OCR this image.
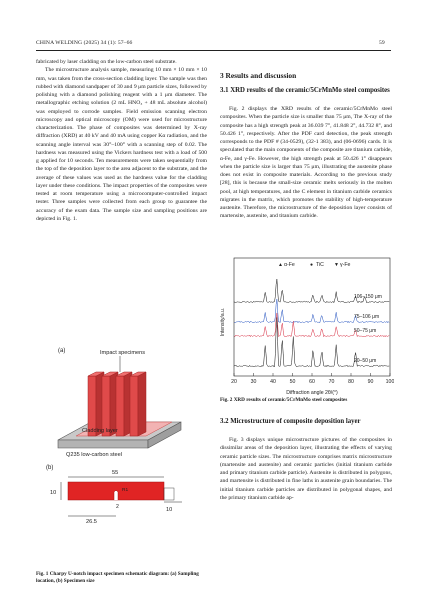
CHINA WELDING (2025) 34 (1): 57–66	59

fabricated by laser cladding on the low-carbon steel substrate.

The microstructure analysis sample, measuring 10 mm × 10 mm × 10 mm, was taken from the cross-section cladding layer. The sample was then rubbed with diamond sandpaper of 30 and 9 μm particle sizes, followed by polishing with a diamond polishing reagent with a 1 μm diameter. The metallographic etching solution (2 mL HNO₃ + 48 mL absolute alcohol) was employed to corrode samples. Field emission scanning electron microscopy and optical microscopy (OM) were used for microstructure characterization. The phase of composites was determined by X-ray diffraction (XRD) at 40 kV and 40 mA using copper Kα radiation, and the scanning angle interval was 30°–100° with a scanning step of 0.02. The hardness was measured using the Vickers hardness test with a load of 500 g applied for 10 seconds. Ten measurements were taken sequentially from the top of the deposition layer to the area adjacent to the substrate, and the average of these values was used as the hardness value for the cladding layer under these conditions. The impact properties of the composites were tested at room temperature using a microcomputer-controlled impact tester. Three samples were collected from each group to guarantee the accuracy of the exam data. The sample size and sampling positions are depicted in Fig. 1.

(a)	Impact specimens
Cladding layer
Q235 low-carbon steel
(b)
55
R1
10
2
26.5
10
Fig. 1 Charpy U-notch impact specimen schematic diagram: (a) Sampling location, (b) Specimen size
3 Results and discussion
3.1 XRD results of the ceramic/5CrMnMo steel composites

Fig. 2 displays the XRD results of the ceramic/5CrMnMo steel composites. When the particle size is smaller than 75 μm, The X-ray of the composite has a high strength peak at 36.039 7°, 41.848 2°, 44.732 8°, and 50.426 1°, respectively. After the PDF card detection, the peak strength corresponds to the PDF # (34-0529), (32-1 383), and (06-0696) cards. It is speculated that the main components of the composite are titanium carbide, α-Fe, and γ-Fe. However, the high strength peak at 50.426 1° disappears when the particle size is larger than 75 μm, illustrating the austenite phase does not exist in composite materials. According to the previous study [28], this is because the small-size ceramic melts seriously in the molten pool, at high temperatures, and the C element in titanium carbide ceramics migrates in the matrix, which promotes the stability of high-temperature austenite. Therefore, the microstructure of the deposition layer consists of martensite, austenite, and titanium carbide.

▲ α-Fe	● TiC ▼ γ-Fe
106–150 μm
75–106 μm
50–75 μm
20–50 μm
20	30	40	50	60	70	80	90 100
Intensity/a.u.
Diffraction angle 2θ/(°)
Fig. 2 XRD results of ceramic/5CrMnMo steel composites
3.2 Microstructure of composite deposition layer

Fig. 3 displays unique microstructure pictures of the composites in dissimilar areas of the deposition layer, illustrating the effects of varying ceramic particle sizes. The microstructure comprises matrix microstructure (martensite and austenite) and ceramic particles (initial titanium carbide and primary titanium carbide particle). Austenite is distributed in polygons, and martensite is distributed in fine laths in austenite grain boundaries. The initial titanium carbide particles are distributed in polygonal shapes, and the primary titanium carbide ap-
